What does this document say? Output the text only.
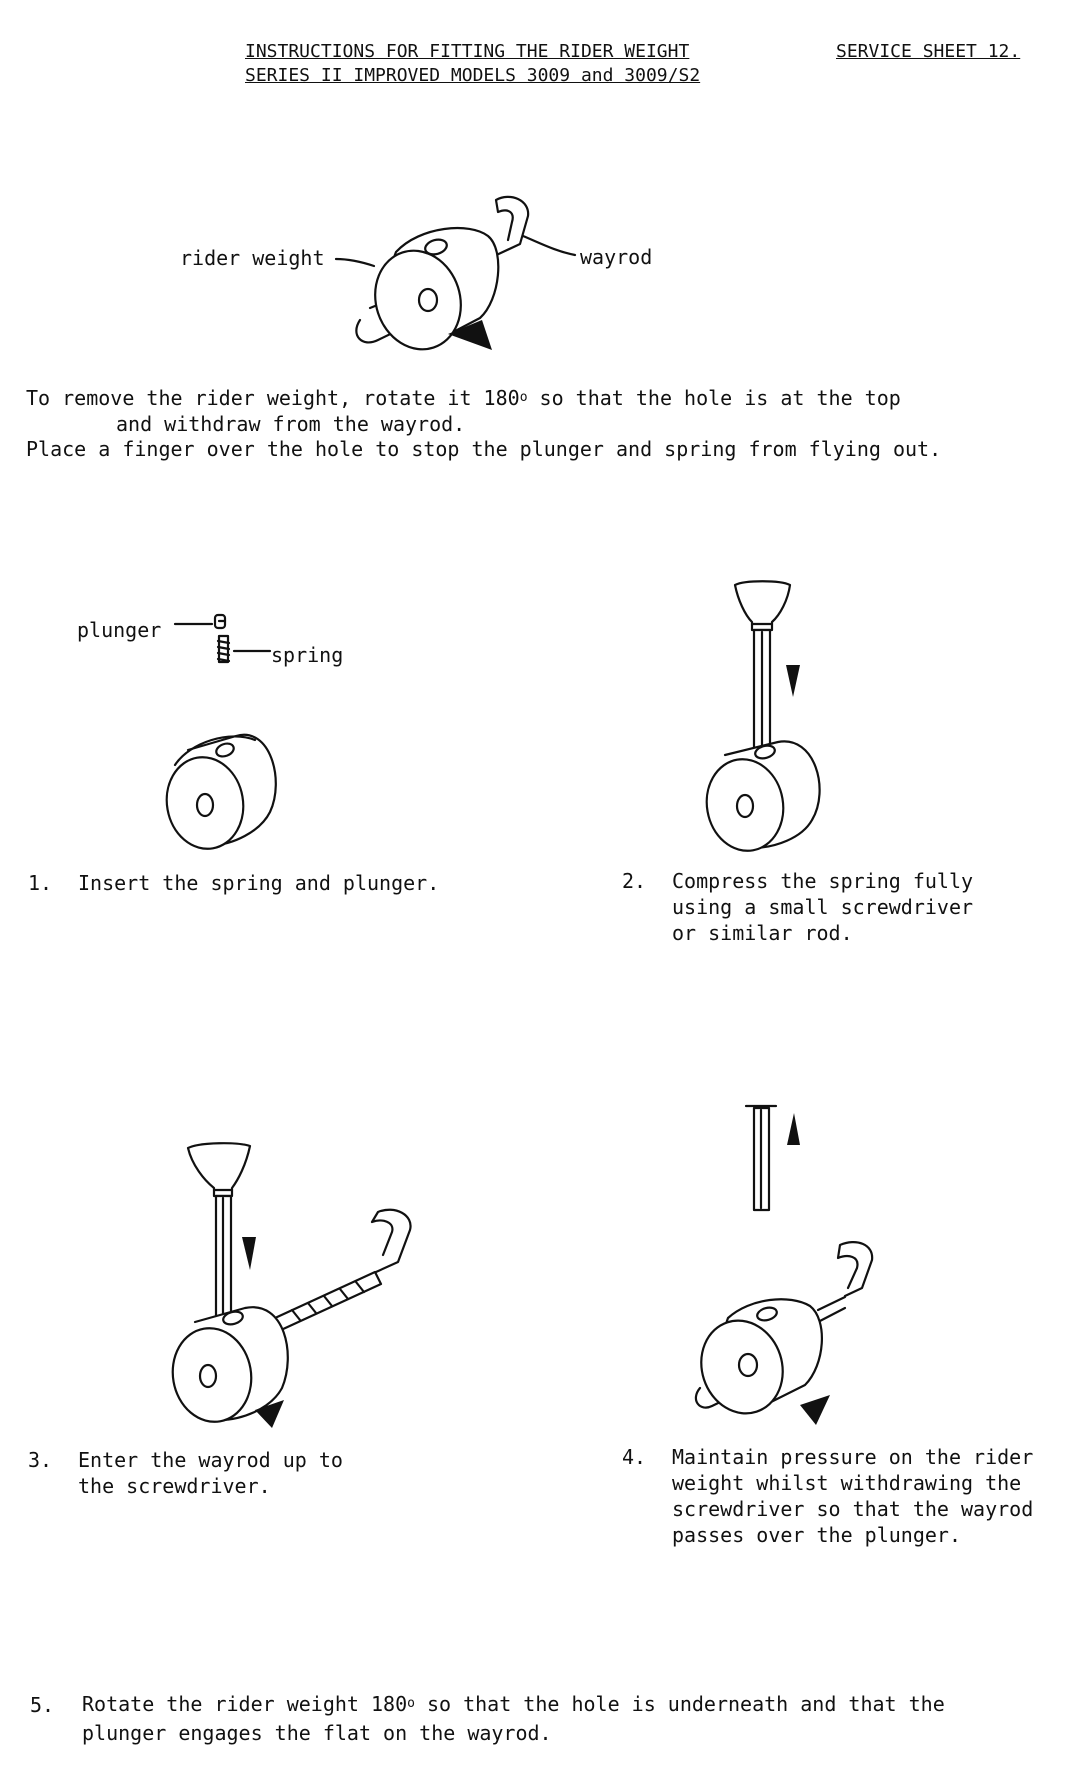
INSTRUCTIONS FOR FITTING THE RIDER WEIGHT
SERIES II IMPROVED MODELS 3009 and 3009/S2
SERVICE SHEET 12.
rider weight	wayrod
To remove the rider weight, rotate it 180$^o$ so that the hole is at the top
and withdraw from the wayrod.
Place a finger over the hole to stop the plunger and spring from flying out.
plunger
spring
1. Insert the spring and plunger.	2. Compress the spring fully
using a small screwdriver
or similar rod.
3. Enter the wayrod up to
the screwdriver.
4. Maintain pressure on the rider
weight whilst withdrawing the
screwdriver so that the wayrod
passes over the plunger.
5. Rotate the rider weight 180$^o$ so that the hole is underneath and that the
plunger engages the flat on the wayrod.
